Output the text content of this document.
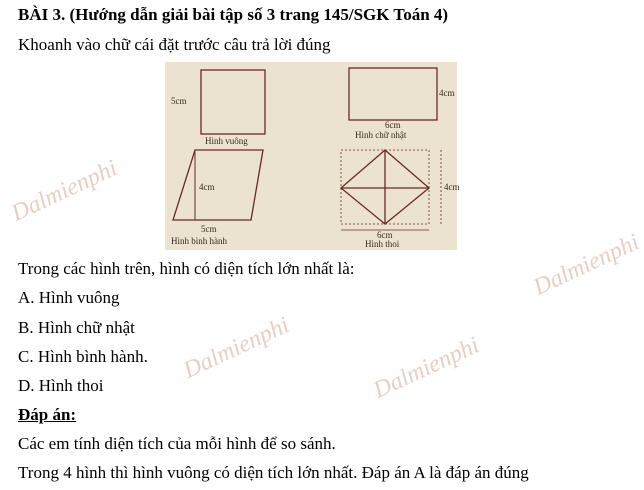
BÀI 3. (Hướng dẫn giải bài tập số 3 trang 145/SGK Toán 4)
Khoanh vào chữ cái đặt trước câu trả lời đúng
5cm
Hình vuông
4cm
6cm
Hình chữ nhật
4cm
5cm
Hình bình hành
4cm
6cm
Hình thoi
Trong các hình trên, hình có diện tích lớn nhất là:
A. Hình vuông
B. Hình chữ nhật
C. Hình bình hành.
D. Hình thoi
Đáp án:
Các em tính diện tích của mỗi hình để so sánh.
Trong 4 hình thì hình vuông có diện tích lớn nhất. Đáp án A là đáp án đúng
Dalmienphi
Dalmienphi	Dalmienphi
Dalmienphi
